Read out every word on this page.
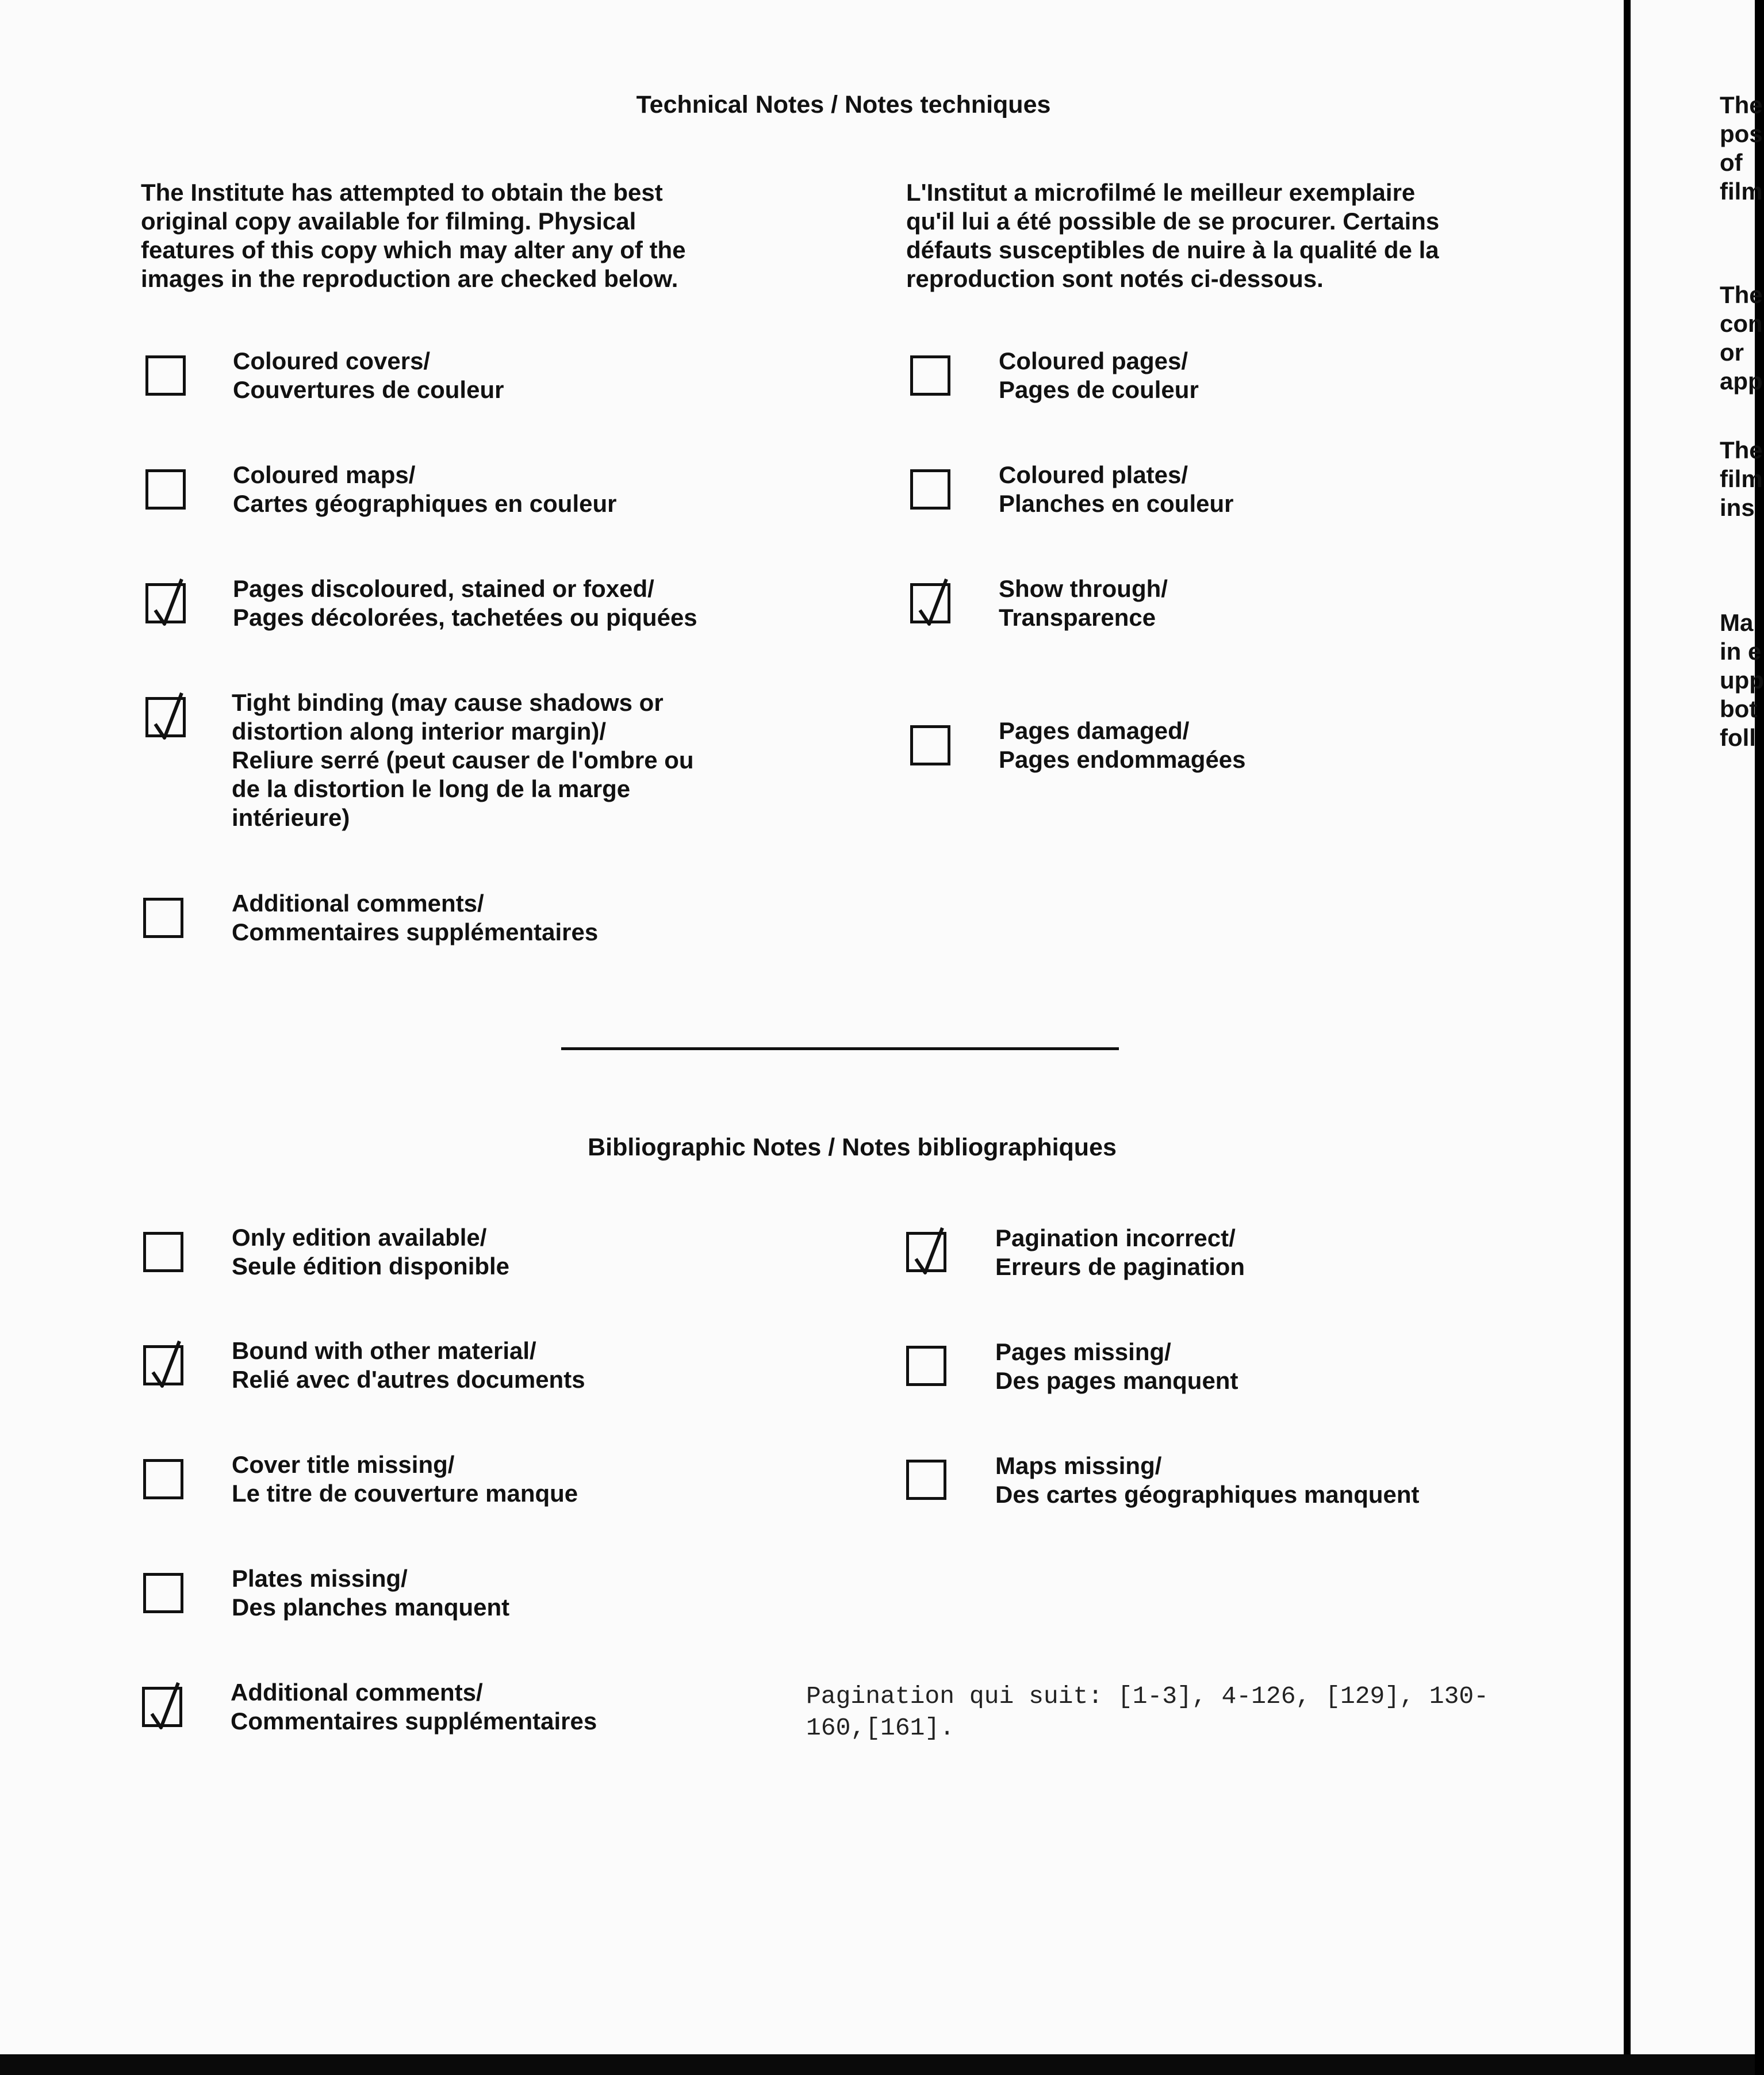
Technical Notes / Notes techniques
The Institute has attempted to obtain the best
original copy available for filming. Physical
features of this copy which may alter any of the
images in the reproduction are checked below.
L'Institut a microfilmé le meilleur exemplaire
qu'il lui a été possible de se procurer. Certains
défauts susceptibles de nuire à la qualité de la
reproduction sont notés ci-dessous.
Coloured covers/
Couvertures de couleur
Coloured maps/
Cartes géographiques en couleur
Pages discoloured, stained or foxed/
Pages décolorées, tachetées ou piquées
Tight binding (may cause shadows or
distortion along interior margin)/
Reliure serré (peut causer de l'ombre ou
de la distortion le long de la marge
intérieure)
Additional comments/
Commentaires supplémentaires
Coloured pages/
Pages de couleur
Coloured plates/
Planches en couleur
Show through/
Transparence
Pages damaged/
Pages endommagées
Bibliographic Notes / Notes bibliographiques
Only edition available/
Seule édition disponible
Bound with other material/
Relié avec d'autres documents
Cover title missing/
Le titre de couverture manque
Plates missing/
Des planches manquent
Additional comments/
Commentaires supplémentaires
Pagination incorrect/
Erreurs de pagination
Pages missing/
Des pages manquent
Maps missing/
Des cartes géographiques manquent
Pagination qui suit: [1-3], 4-126, [129], 130-160,[161].
The
pos
of
film
The
con
or
app
The
film
ins
Ma
in e
upp
bot
foll
